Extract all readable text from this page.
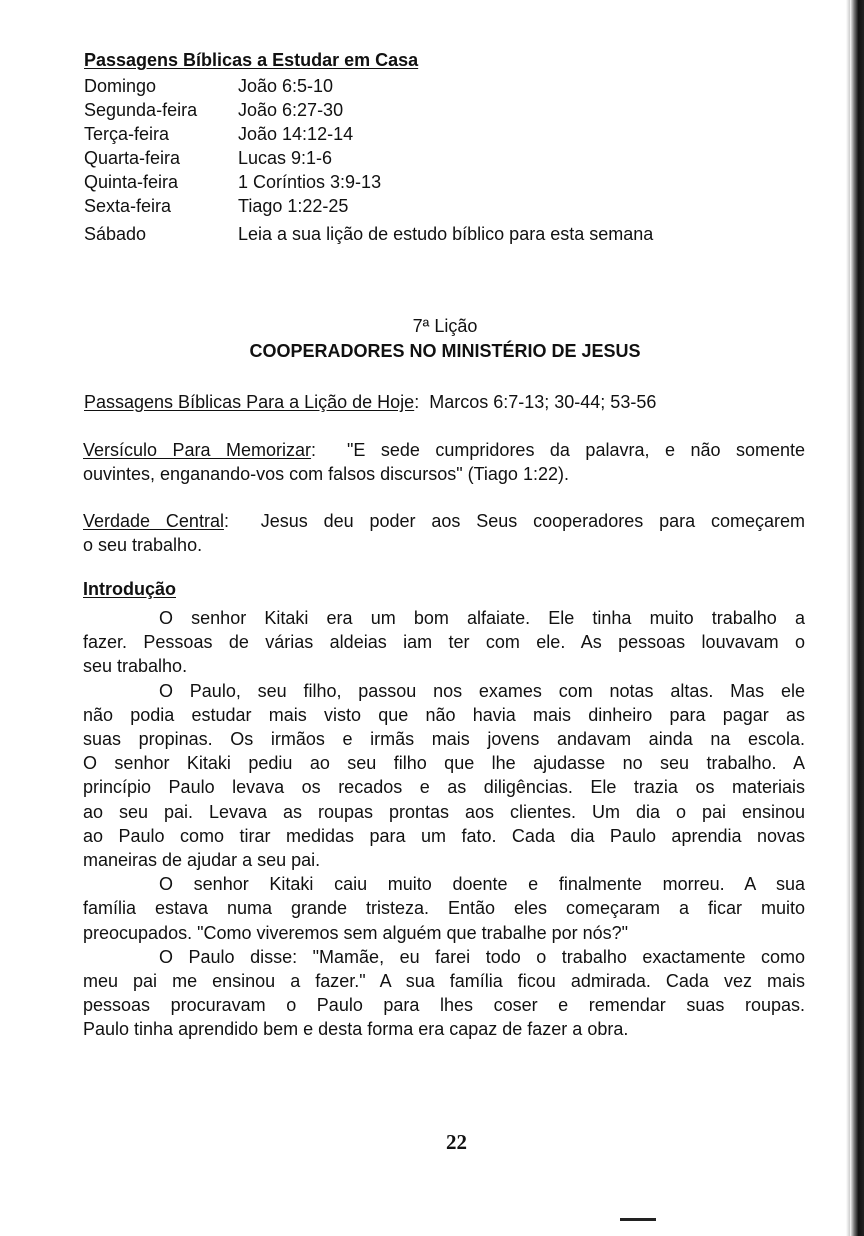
Passagens Bíblicas a Estudar em Casa
Domingo	João 6:5-10
Segunda-feira	João 6:27-30
Terça-feira	João 14:12-14
Quarta-feira	Lucas 9:1-6
Quinta-feira	1 Coríntios 3:9-13
Sexta-feira	Tiago 1:22-25
Sábado	Leia a sua lição de estudo bíblico para esta semana
7ª Lição
COOPERADORES NO MINISTÉRIO DE JESUS
Passagens Bíblicas Para a Lição de Hoje:  Marcos 6:7-13; 30-44; 53-56
Versículo Para Memorizar:  "E sede cumpridores da palavra, e não somente
ouvintes, enganando-vos com falsos discursos" (Tiago 1:22).
Verdade Central:  Jesus deu poder aos Seus cooperadores para começarem
o seu trabalho.
Introdução
O senhor Kitaki era um bom alfaiate. Ele tinha muito trabalho a
fazer. Pessoas de várias aldeias iam ter com ele. As pessoas louvavam o
seu trabalho.
O Paulo, seu filho, passou nos exames com notas altas. Mas ele
não podia estudar mais visto que não havia mais dinheiro para pagar as
suas propinas. Os irmãos e irmãs mais jovens andavam ainda na escola.
O senhor Kitaki pediu ao seu filho que lhe ajudasse no seu trabalho. A
princípio Paulo levava os recados e as diligências. Ele trazia os materiais
ao seu pai. Levava as roupas prontas aos clientes. Um dia o pai ensinou
ao Paulo como tirar medidas para um fato. Cada dia Paulo aprendia novas
maneiras de ajudar a seu pai.
O senhor Kitaki caiu muito doente e finalmente morreu. A sua
família estava numa grande tristeza. Então eles começaram a ficar muito
preocupados. "Como viveremos sem alguém que trabalhe por nós?"
O Paulo disse: "Mamãe, eu farei todo o trabalho exactamente como
meu pai me ensinou a fazer." A sua família ficou admirada. Cada vez mais
pessoas procuravam o Paulo para lhes coser e remendar suas roupas.
Paulo tinha aprendido bem e desta forma era capaz de fazer a obra.
22
